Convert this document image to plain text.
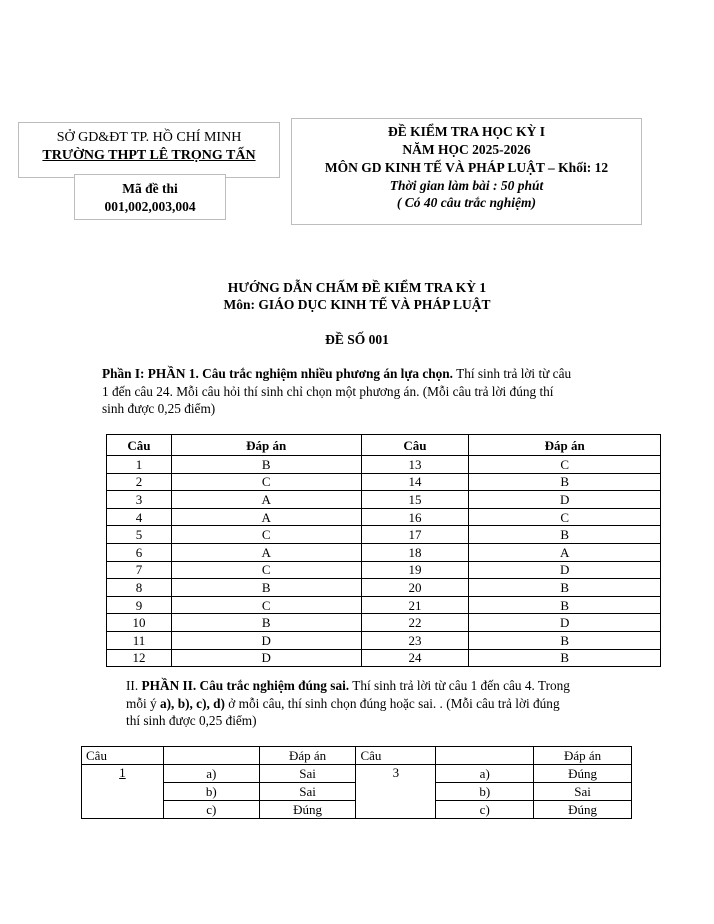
SỞ GD&ĐT TP. HỒ CHÍ MINH
TRƯỜNG THPT LÊ TRỌNG TẤN
Mã đề thi
001,002,003,004
ĐỀ KIỂM TRA HỌC KỲ I
NĂM HỌC 2025-2026
MÔN GD KINH TẾ VÀ PHÁP LUẬT – Khối: 12
Thời gian làm bài : 50 phút
( Có 40 câu trắc nghiệm)
HƯỚNG DẪN CHẤM ĐỀ KIỂM TRA KỲ 1
Môn: GIÁO DỤC KINH TẾ VÀ PHÁP LUẬT
ĐỀ SỐ 001
Phần I: PHẦN 1. Câu trắc nghiệm nhiều phương án lựa chọn. Thí sinh trả lời từ câu
1 đến câu 24. Mỗi câu hỏi thí sinh chỉ chọn một phương án. (Mỗi câu trả lời đúng thí
sinh được 0,25 điểm)
Câu	Đáp án	Câu	Đáp án
1	B	13	C
2	C	14	B
3	A	15	D
4	A	16	C
5	C	17	B
6	A	18	A
7	C	19	D
8	B	20	B
9	C	21	B
10	B	22	D
11	D	23	B
12	D	24	B
II. PHẦN II. Câu trắc nghiệm đúng sai. Thí sinh trả lời từ câu 1 đến câu 4. Trong
mỗi ý a), b), c), d) ở mỗi câu, thí sinh chọn đúng hoặc sai. . (Mỗi câu trả lời đúng
thí sinh được 0,25 điểm)
Câu		Đáp án	Câu		Đáp án
1	a)	Sai	3	a)	Đúng
	b)	Sai		b)	Sai
	c)	Đúng		c)	Đúng
